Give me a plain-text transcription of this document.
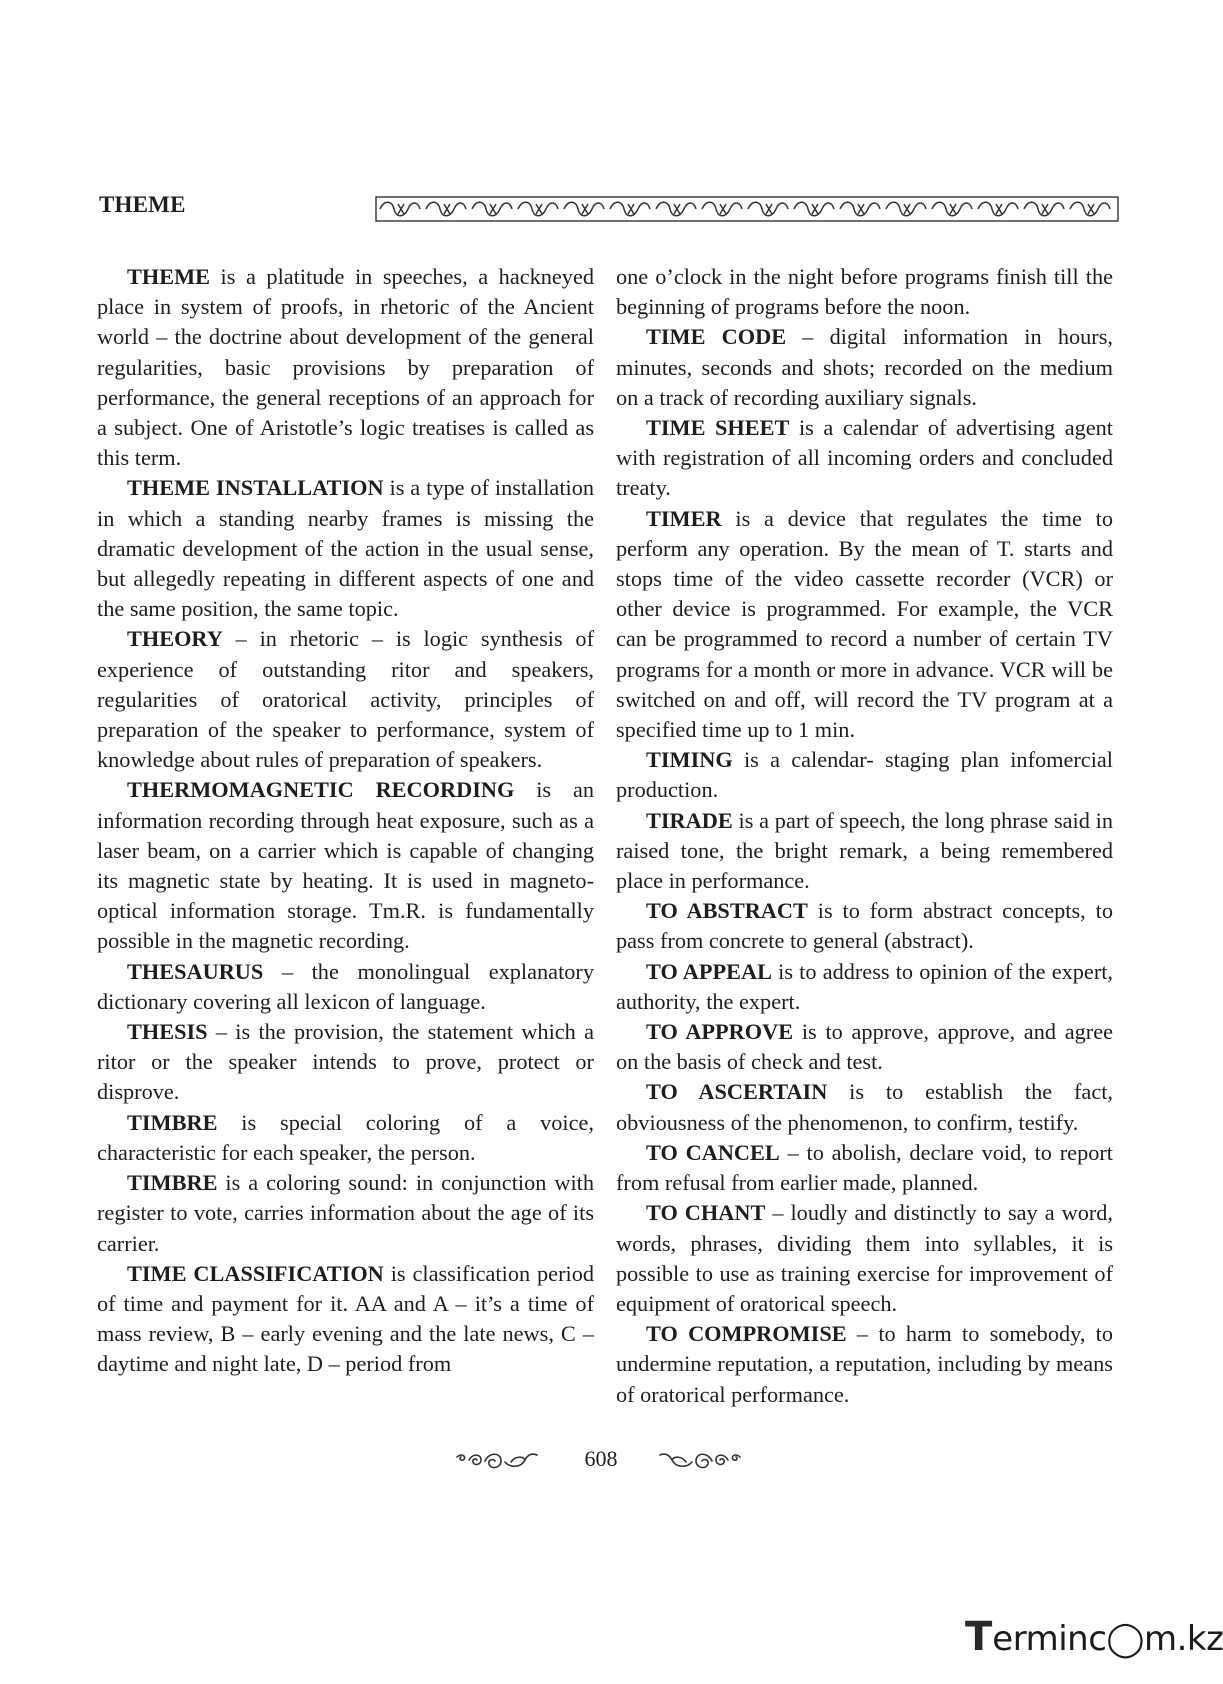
THEME

THEME is a platitude in speeches, a hackneyed place in system of proofs, in rhetoric of the Ancient world – the doctrine about development of the general regularities, basic provisions by preparation of performance, the general receptions of an approach for a subject. One of Aristotle’s logic treatises is called as this term.

THEME INSTALLATION is a type of installation in which a standing nearby frames is missing the dramatic development of the action in the usual sense, but allegedly repeating in different aspects of one and the same position, the same topic.

THEORY – in rhetoric – is logic synthesis of experience of outstanding ritor and speakers, regularities of oratorical activity, principles of preparation of the speaker to performance, system of knowledge about rules of preparation of speakers.

THERMOMAGNETIC RECORDING is an information recording through heat exposure, such as a laser beam, on a carrier which is capable of changing its magnetic state by heating. It is used in magneto-optical information storage. Tm.R. is fundamentally possible in the magnetic recording.

THESAURUS – the monolingual explanatory dictionary covering all lexicon of language.

THESIS – is the provision, the statement which a ritor or the speaker intends to prove, protect or disprove.

TIMBRE is special coloring of a voice, characteristic for each speaker, the person.

TIMBRE is a coloring sound: in conjunction with register to vote, carries information about the age of its carrier.

TIME CLASSIFICATION is classification period of time and payment for it. AA and A – it’s a time of mass review, B – early evening and the late news, C – daytime and night late, D – period from

one o’clock in the night before programs finish till the beginning of programs before the noon.

TIME CODE – digital information in hours, minutes, seconds and shots; recorded on the medium on a track of recording auxiliary signals.

TIME SHEET is a calendar of advertising agent with registration of all incoming orders and concluded treaty.

TIMER is a device that regulates the time to perform any operation. By the mean of T. starts and stops time of the video cassette recorder (VCR) or other device is programmed. For example, the VCR can be programmed to record a number of certain TV programs for a month or more in advance. VCR will be switched on and off, will record the TV program at a specified time up to 1 min.

TIMING is a calendar- staging plan infomercial production.

TIRADE is a part of speech, the long phrase said in raised tone, the bright remark, a being remembered place in performance.

TO ABSTRACT is to form abstract concepts, to pass from concrete to general (abstract).

TO APPEAL is to address to opinion of the expert, authority, the expert.

TO APPROVE is to approve, approve, and agree on the basis of check and test.

TO ASCERTAIN is to establish the fact, obviousness of the phenomenon, to confirm, testify.

TO CANCEL – to abolish, declare void, to report from refusal from earlier made, planned.

TO CHANT – loudly and distinctly to say a word, words, phrases, dividing them into syllables, it is possible to use as training exercise for improvement of equipment of oratorical speech.

TO COMPROMISE – to harm to somebody, to undermine reputation, a reputation, including by means of oratorical performance.

608
Terminc◯m.kz
